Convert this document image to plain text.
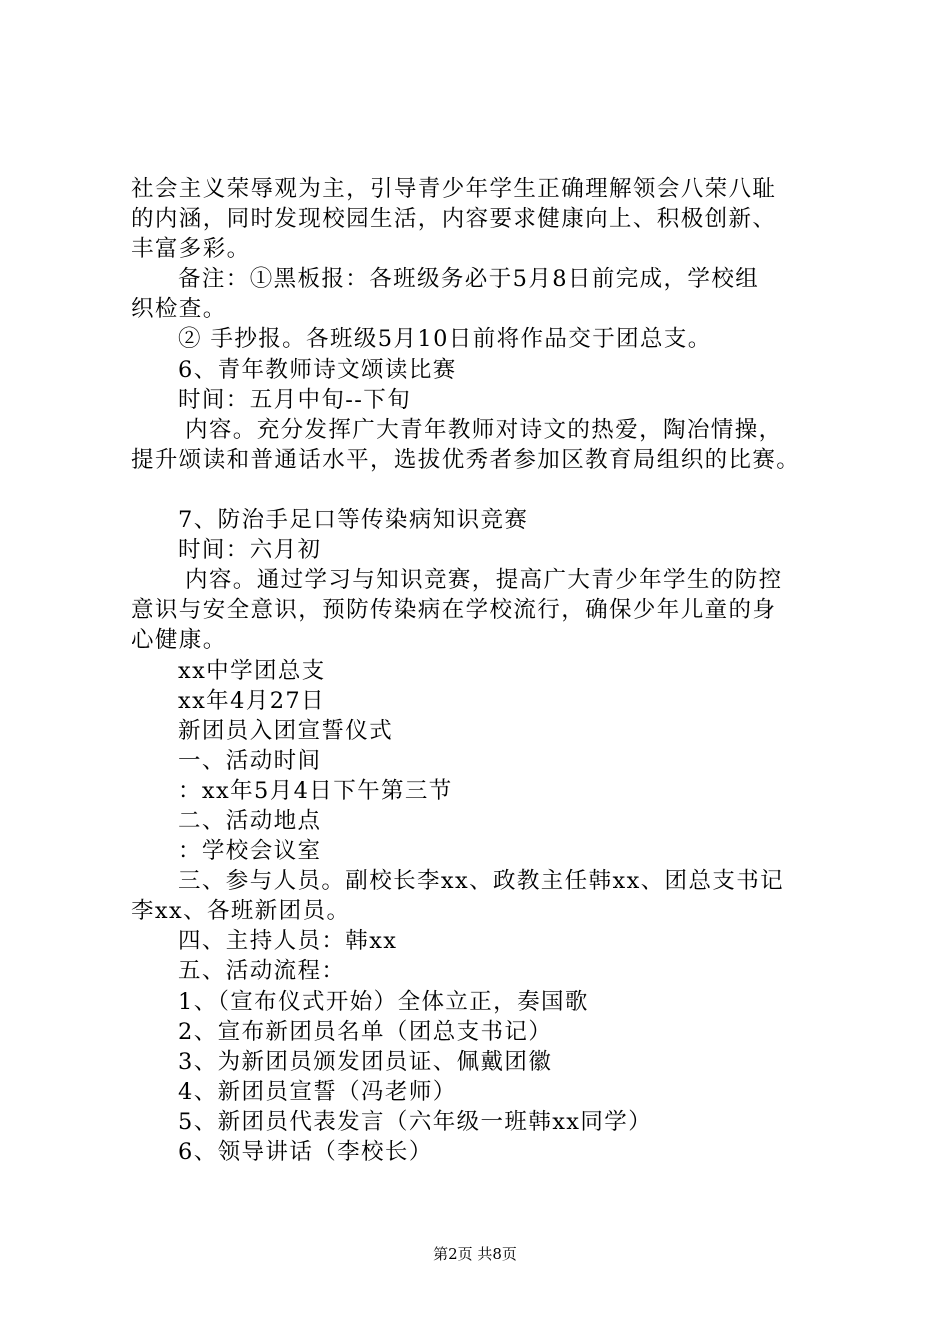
社会主义荣辱观为主，引导青少年学生正确理解领会八荣八耻
的内涵，同时发现校园生活，内容要求健康向上、积极创新、
丰富多彩。
备注：①黑板报：各班级务必于5月8日前完成，学校组
织检查。
② 手抄报。各班级5月10日前将作品交于团总支。
6、青年教师诗文颂读比赛
时间：五月中旬--下旬
内容。充分发挥广大青年教师对诗文的热爱，陶冶情操，
提升颂读和普通话水平，选拔优秀者参加区教育局组织的比赛。
7、防治手足口等传染病知识竞赛
时间：六月初
内容。通过学习与知识竞赛，提高广大青少年学生的防控
意识与安全意识，预防传染病在学校流行，确保少年儿童的身
心健康。
xx中学团总支
xx年4月27日
新团员入团宣誓仪式
一、活动时间
：xx年5月4日下午第三节
二、活动地点
：学校会议室
三、参与人员。副校长李xx、政教主任韩xx、团总支书记
李xx、各班新团员。
四、主持人员：韩xx
五、活动流程：
1、（宣布仪式开始）全体立正，奏国歌
2、宣布新团员名单（团总支书记）
3、为新团员颁发团员证、佩戴团徽
4、新团员宣誓（冯老师）
5、新团员代表发言（六年级一班韩xx同学）
6、领导讲话（李校长）
第2页 共8页
